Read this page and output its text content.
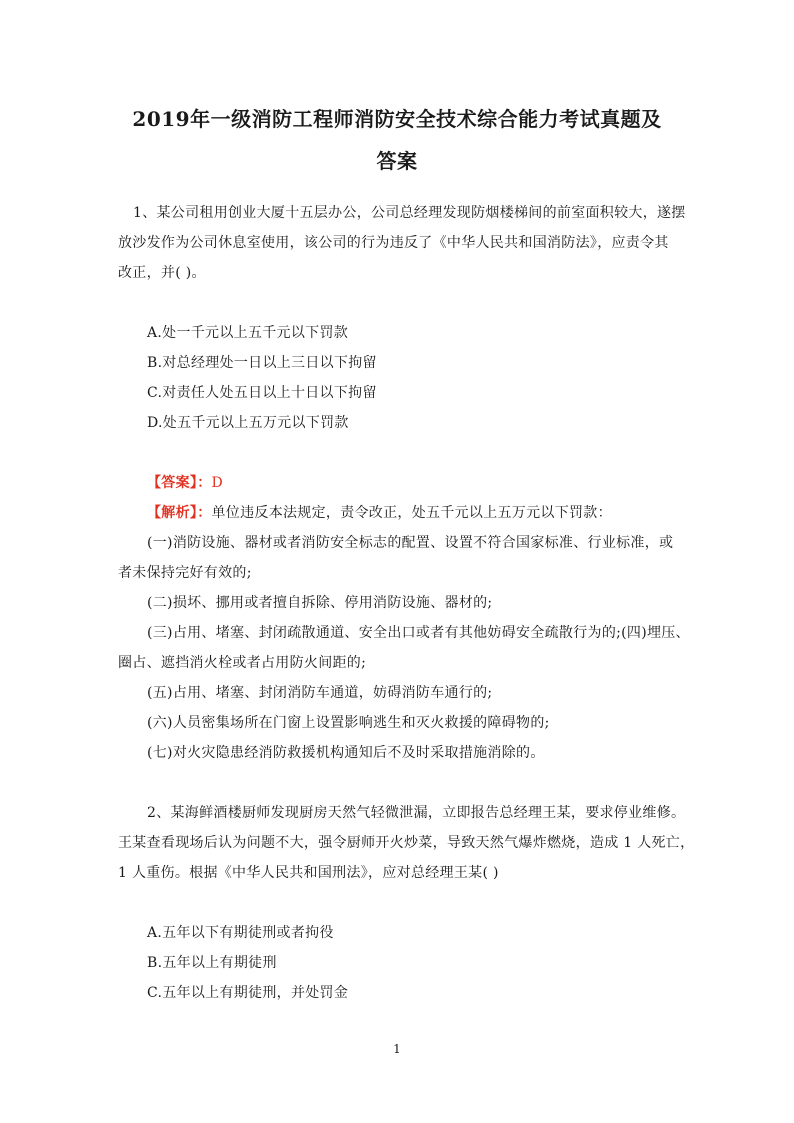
2019年一级消防工程师消防安全技术综合能力考试真题及
答案
1、某公司租用创业大厦十五层办公，公司总经理发现防烟楼梯间的前室面积较大，遂摆
放沙发作为公司休息室使用，该公司的行为违反了《中华人民共和国消防法》，应责令其
改正，并( )。
A.处一千元以上五千元以下罚款
B.对总经理处一日以上三日以下拘留
C.对责任人处五日以上十日以下拘留
D.处五千元以上五万元以下罚款
【答案】：D
【解析】：单位违反本法规定，责令改正，处五千元以上五万元以下罚款：
(一)消防设施、器材或者消防安全标志的配置、设置不符合国家标准、行业标准，或
者未保持完好有效的;
(二)损坏、挪用或者擅自拆除、停用消防设施、器材的;
(三)占用、堵塞、封闭疏散通道、安全出口或者有其他妨碍安全疏散行为的;(四)埋压、
圈占、遮挡消火栓或者占用防火间距的;
(五)占用、堵塞、封闭消防车通道，妨碍消防车通行的;
(六)人员密集场所在门窗上设置影响逃生和灭火救援的障碍物的;
(七)对火灾隐患经消防救援机构通知后不及时采取措施消除的。
2、某海鲜酒楼厨师发现厨房天然气轻微泄漏，立即报告总经理王某，要求停业维修。
王某查看现场后认为问题不大，强令厨师开火炒菜，导致天然气爆炸燃烧，造成 1 人死亡，
1 人重伤。根据《中华人民共和国刑法》，应对总经理王某( )
A.五年以下有期徒刑或者拘役
B.五年以上有期徒刑
C.五年以上有期徒刑，并处罚金
1
